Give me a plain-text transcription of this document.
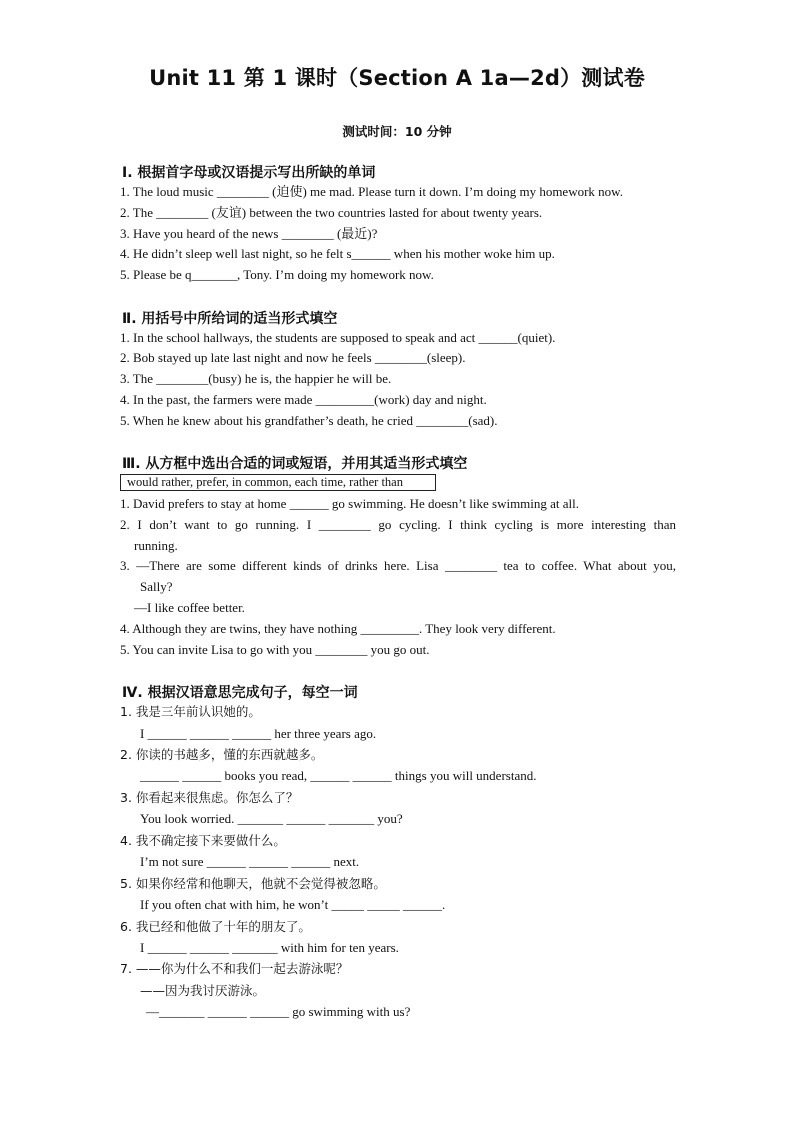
Unit 11 第 1 课时（Section A 1a—2d）测试卷
测试时间：10 分钟
Ⅰ. 根据首字母或汉语提示写出所缺的单词
1. The loud music ________ (迫使) me mad. Please turn it down. I’m doing my homework now.
2. The ________ (友谊) between the two countries lasted for about twenty years.
3. Have you heard of the news ________ (最近)?
4. He didn’t sleep well last night, so he felt s______ when his mother woke him up.
5. Please be q_______, Tony. I’m doing my homework now.
Ⅱ. 用括号中所给词的适当形式填空
1. In the school hallways, the students are supposed to speak and act ______(quiet).
2. Bob stayed up late last night and now he feels ________(sleep).
3. The ________(busy) he is, the happier he will be.
4. In the past, the farmers were made _________(work) day and night.
5. When he knew about his grandfather’s death, he cried ________(sad).
Ⅲ. 从方框中选出合适的词或短语，并用其适当形式填空
would rather, prefer, in common, each time, rather than
1. David prefers to stay at home ______ go swimming. He doesn’t like swimming at all.
2. I don’t want to go running. I ________ go cycling. I think cycling is more interesting than
running.
3. —There are some different kinds of drinks here. Lisa ________ tea to coffee. What about you,
Sally?
—I like coffee better.
4. Although they are twins, they have nothing _________. They look very different.
5. You can invite Lisa to go with you ________ you go out.
Ⅳ. 根据汉语意思完成句子，每空一词
1. 我是三年前认识她的。
I ______ ______ ______ her three years ago.
2. 你读的书越多，懂的东西就越多。
______ ______ books you read, ______ ______ things you will understand.
3. 你看起来很焦虑。你怎么了？
You look worried. _______ ______ _______ you?
4. 我不确定接下来要做什么。
I’m not sure ______ ______ ______ next.
5. 如果你经常和他聊天，他就不会觉得被忽略。
If you often chat with him, he won’t _____ _____ ______.
6. 我已经和他做了十年的朋友了。
I ______ ______ _______ with him for ten years.
7. ——你为什么不和我们一起去游泳呢？
——因为我讨厌游泳。
—_______ ______ ______ go swimming with us?
